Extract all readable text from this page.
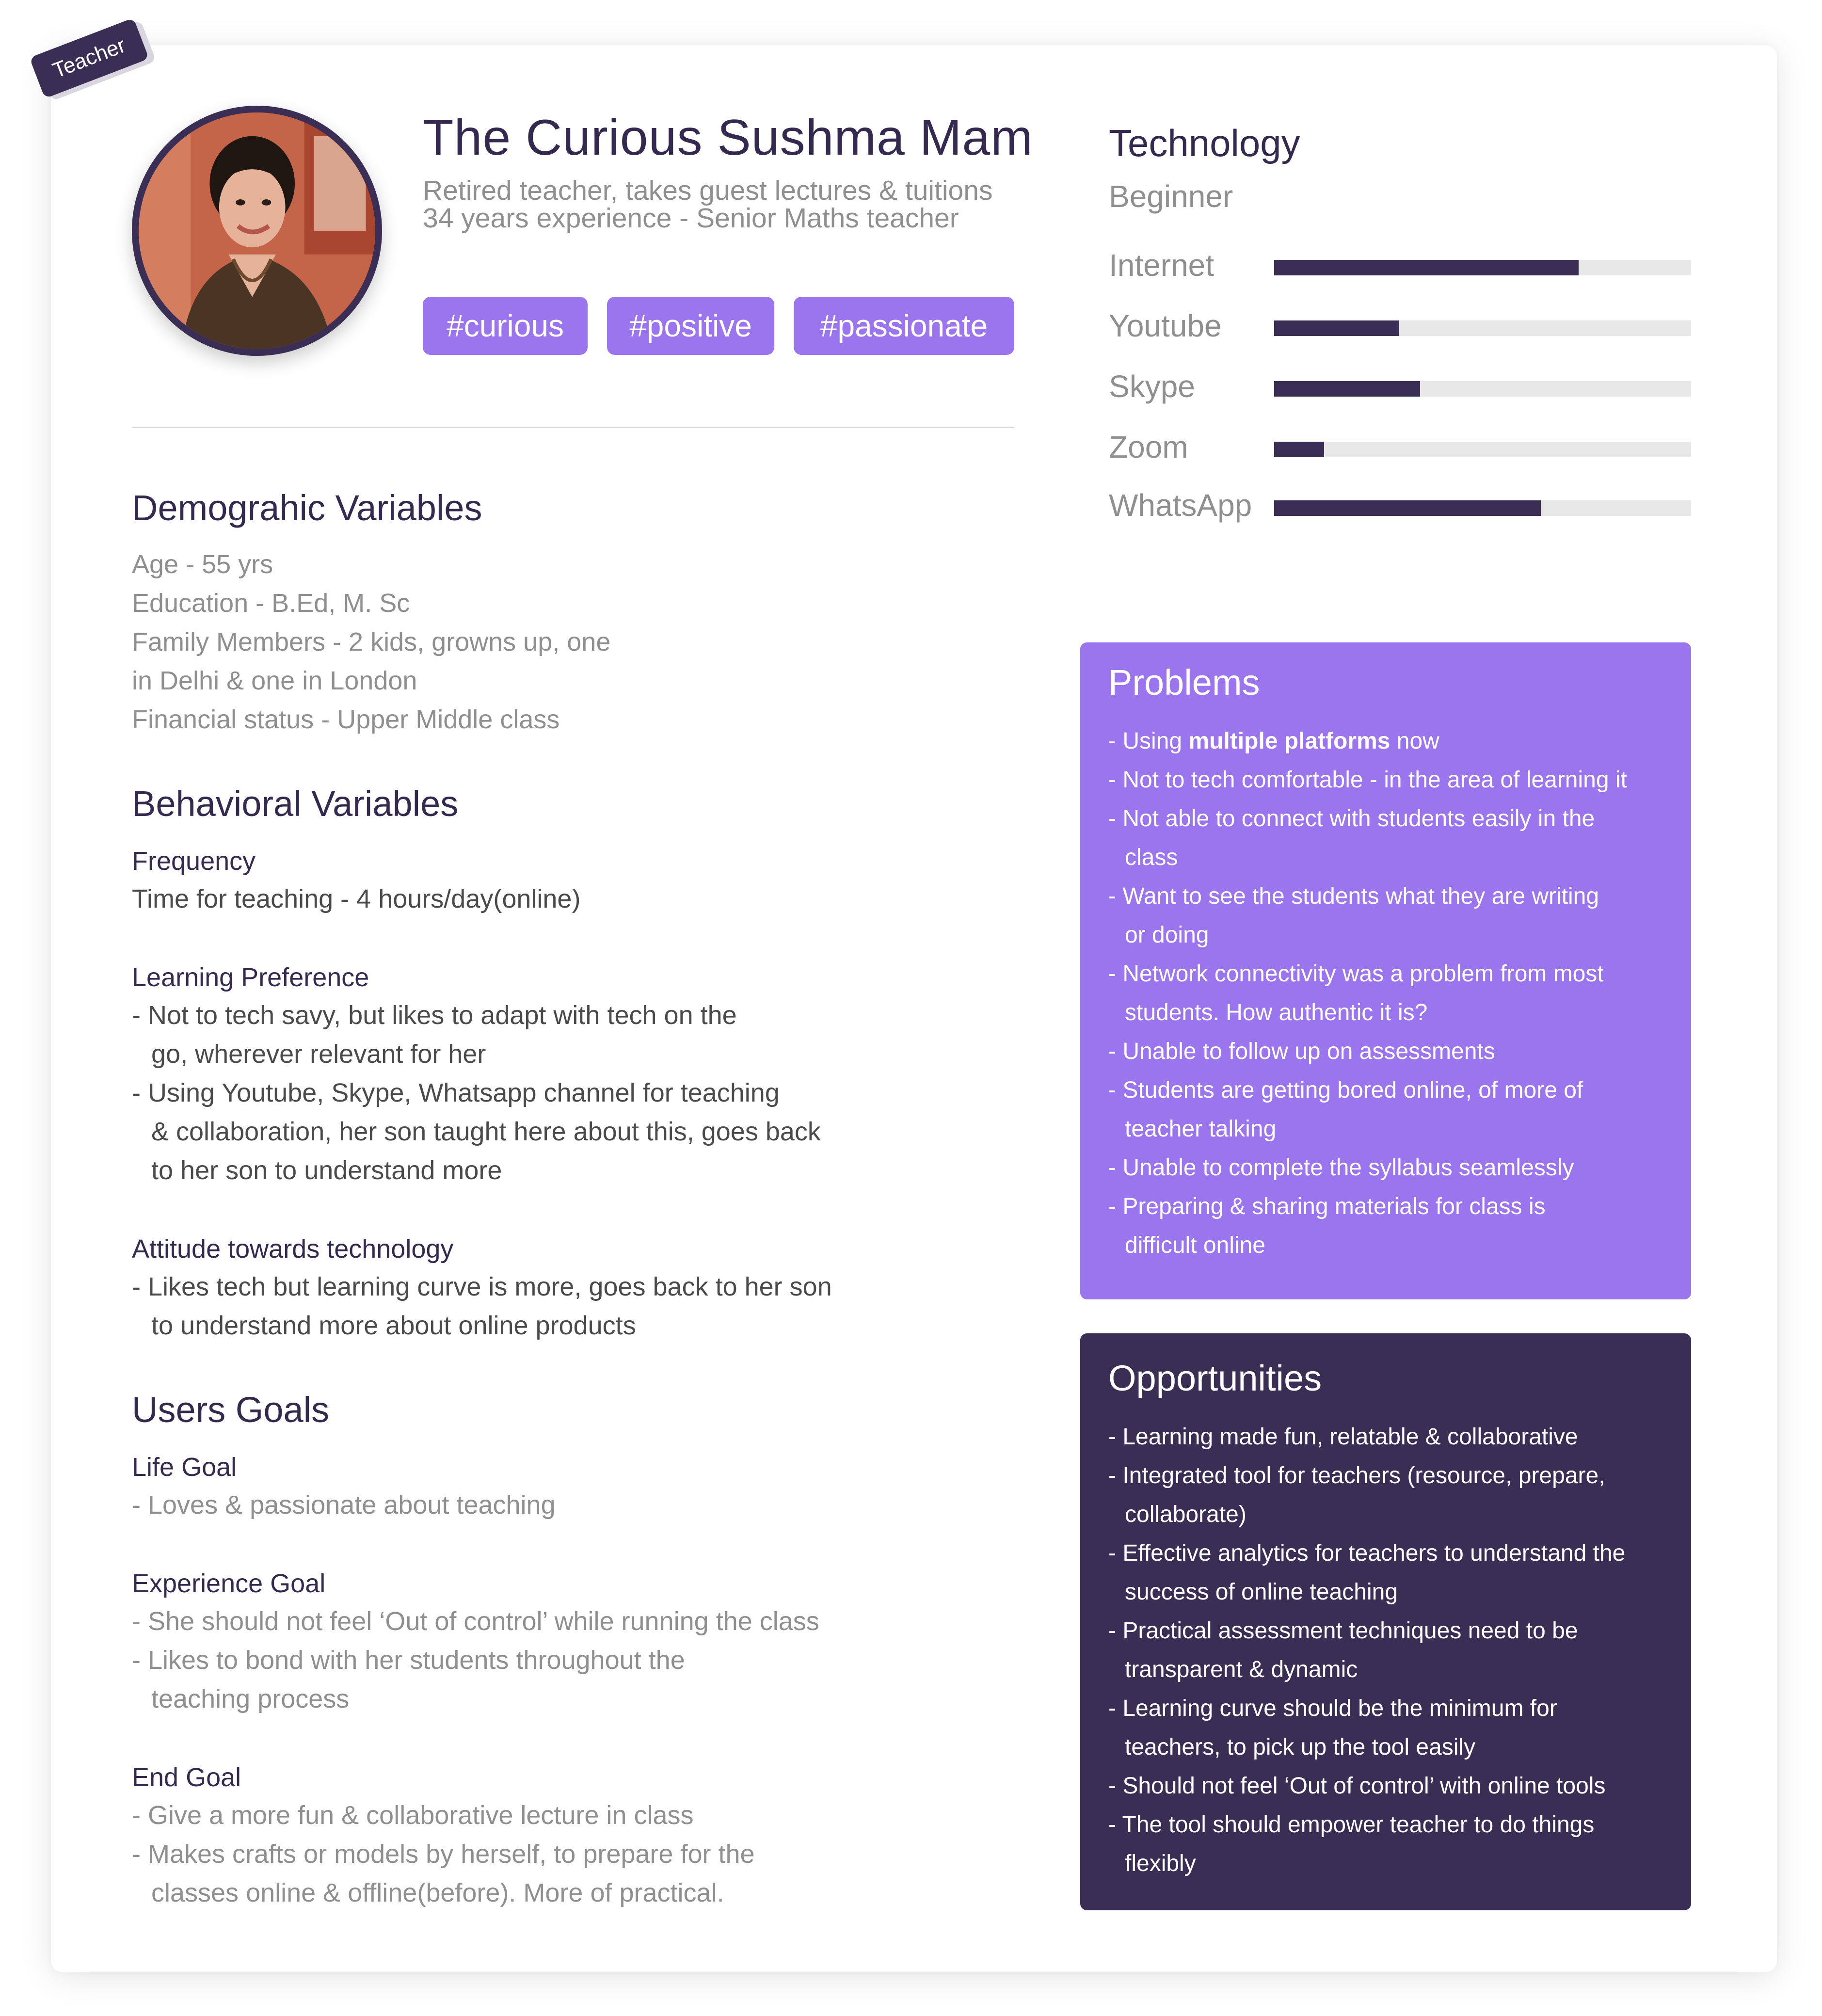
Teacher
The Curious Sushma Mam
Retired teacher, takes guest lectures & tuitions
34 years experience - Senior Maths teacher
#curious	#positive	#passionate
Demograhic Variables
Age - 55 yrs
Education - B.Ed, M. Sc
Family Members - 2 kids, growns up, one
in Delhi & one in London
Financial status - Upper Middle class
Behavioral Variables
Frequency
Time for teaching - 4 hours/day(online)
Learning Preference
- Not to tech savy, but likes to adapt with tech on the
go, wherever relevant for her
- Using Youtube, Skype, Whatsapp channel for teaching
& collaboration, her son taught here about this, goes back
to her son to understand more
Attitude towards technology
- Likes tech but learning curve is more, goes back to her son
to understand more about online products
Users Goals
Life Goal
- Loves & passionate about teaching
Experience Goal
- She should not feel ‘Out of control’ while running the class
- Likes to bond with her students throughout the
teaching process
End Goal
- Give a more fun & collaborative lecture in class
- Makes crafts or models by herself, to prepare for the
classes online & offline(before). More of practical.
Technology
Beginner
Internet
Youtube
Skype
Zoom
WhatsApp
Problems
- Using multiple platforms now
- Not to tech comfortable - in the area of learning it
- Not able to connect with students easily in the
class
- Want to see the students what they are writing
or doing
- Network connectivity was a problem from most
students. How authentic it is?
- Unable to follow up on assessments
- Students are getting bored online, of more of
teacher talking
- Unable to complete the syllabus seamlessly
- Preparing & sharing materials for class is
difficult online
Opportunities
- Learning made fun, relatable & collaborative
- Integrated tool for teachers (resource, prepare,
collaborate)
- Effective analytics for teachers to understand the
success of online teaching
- Practical assessment techniques need to be
transparent & dynamic
- Learning curve should be the minimum for
teachers, to pick up the tool easily
- Should not feel ‘Out of control’ with online tools
- The tool should empower teacher to do things
flexibly
